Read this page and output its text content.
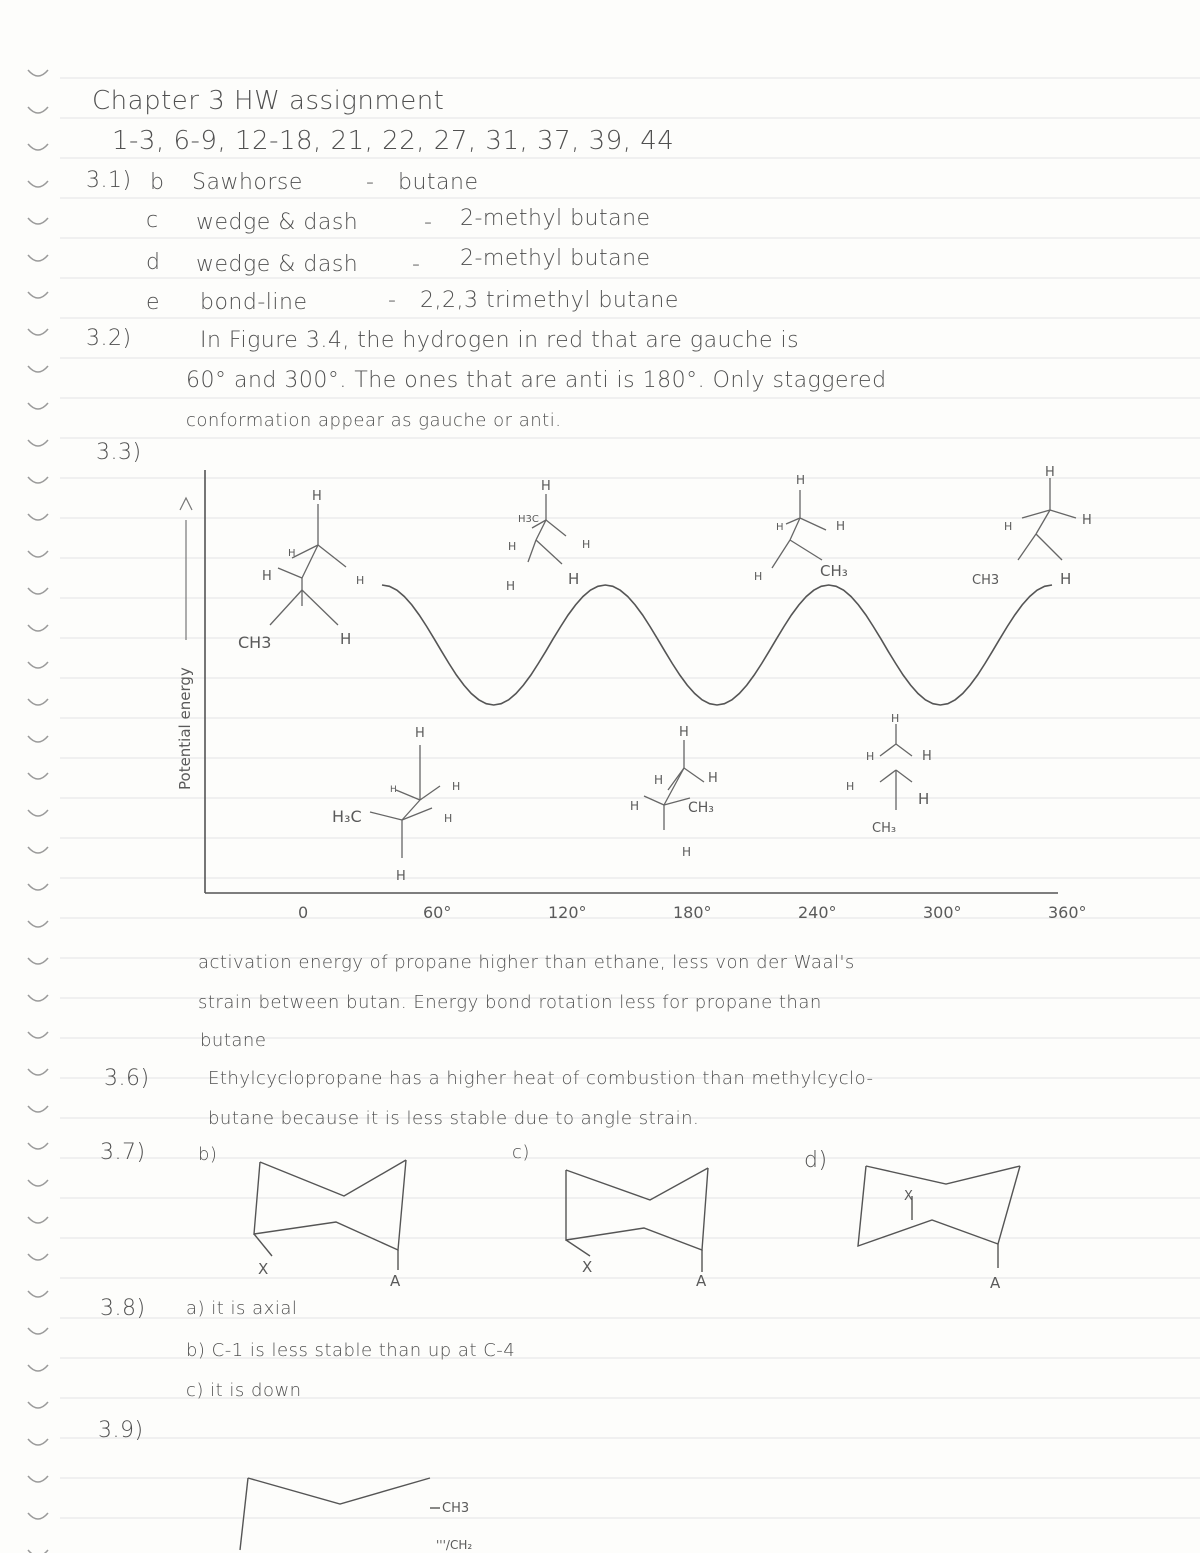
Chapter 3 HW assignment
1-3, 6-9, 12-18, 21, 22, 27, 31, 37, 39, 44
3.1) b Sawhorse	- butane
c wedge & dash	- 2-methyl butane
d wedge & dash - 2-methyl butane
e bond-line	- 2,2,3 trimethyl butane
3.2)	In Figure 3.4, the hydrogen in red that are gauche is
60° and 300°. The ones that are anti is 180°. Only staggered
conformation appear as gauche or anti.
3.3)
Potential energy
0	60°	120°	180°	240°	300°	360°
H
H
H
H
CH3	H
H
H	H
H
H₃C
H
H
H3C
H	H
H	H
H
H	H
H	CH₃
H
H
H	H
H	CH₃
H
H	H
H
H
CH₃
H
H	H
CH3	H
activation energy of propane higher than ethane, less von der Waal's
strain between butan. Energy bond rotation less for propane than
butane
3.6)	Ethylcyclopropane has a higher heat of combustion than methylcyclo-
butane because it is less stable due to angle strain.
3.7)	b)	c)	d)
X
A
X
A
X
A
CH3
'''/CH₂
3.8) a) it is axial
b) C-1 is less stable than up at C-4
c) it is down
3.9)
